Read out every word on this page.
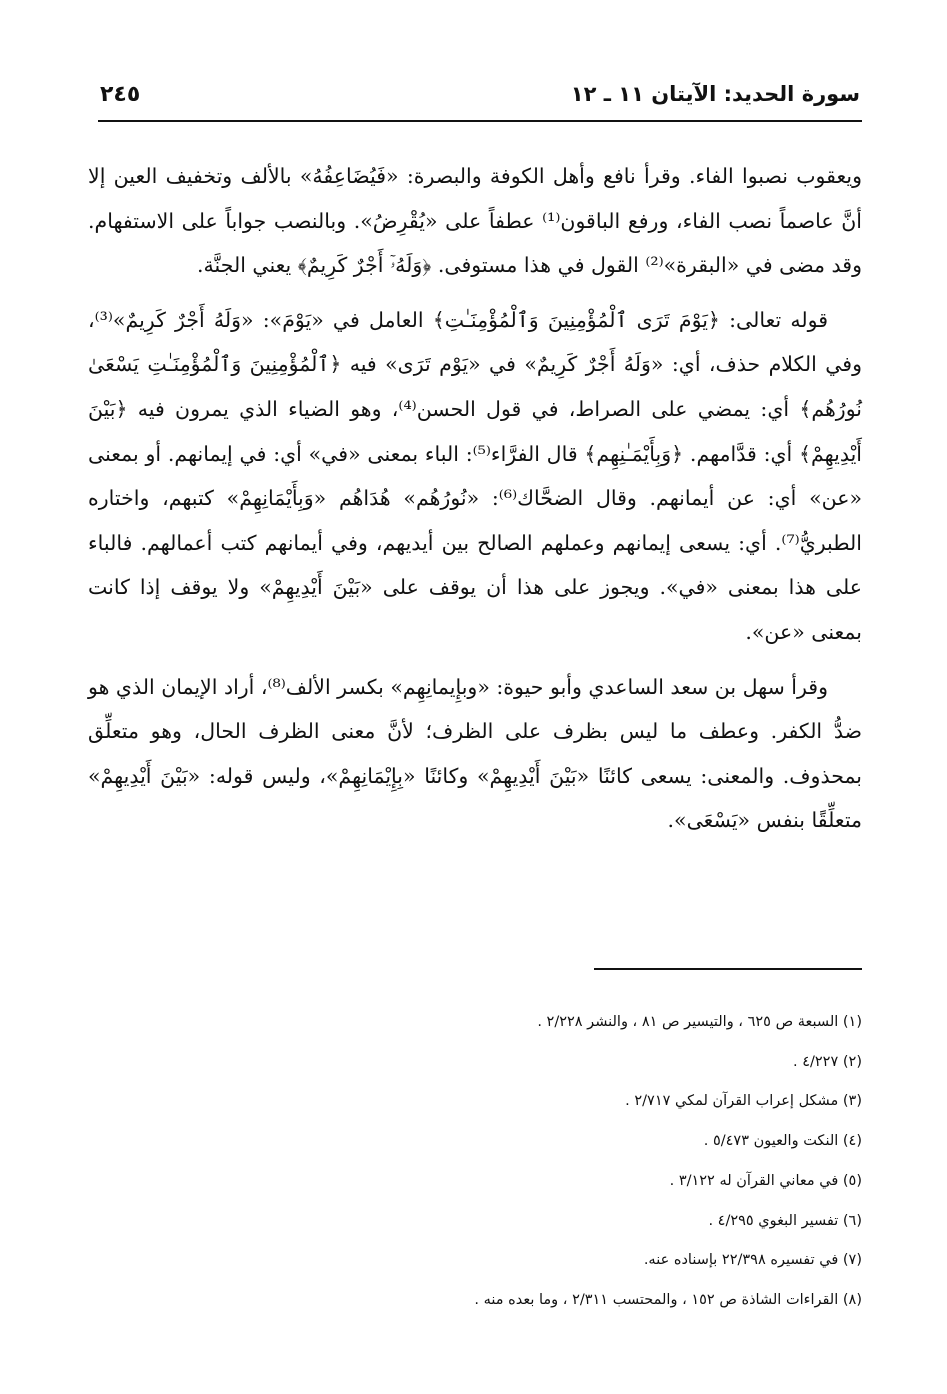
سورة الحديد: الآيتان ١١ ـ ١٢
٢٤٥

ويعقوب نصبوا الفاء. وقرأ نافع وأهل الكوفة والبصرة: «فَيُضَاعِفُهُ» بالألف وتخفيف العين إلا أنَّ عاصماً نصب الفاء، ورفع الباقون⁽¹⁾ عطفاً على «يُقْرِضُ». وبالنصب جواباً على الاستفهام. وقد مضى في «البقرة»⁽²⁾ القول في هذا مستوفى. ﴿وَلَهُۥٓ أَجْرٌ كَرِيمٌ﴾ يعني الجنَّة.

قوله تعالى: ﴿يَوْمَ تَرَى ٱلْمُؤْمِنِينَ وَٱلْمُؤْمِنَـٰتِ﴾ العامل في «يَوْمَ»: «وَلَهُ أَجْرٌ كَرِيمٌ»⁽³⁾، وفي الكلام حذف، أي: «وَلَهُ أَجْرٌ كَرِيمٌ» في «يَوْم تَرَى» فيه ﴿ٱلْمُؤْمِنِينَ وَٱلْمُؤْمِنَـٰتِ يَسْعَىٰ نُورُهُم﴾ أي: يمضي على الصراط، في قول الحسن⁽⁴⁾، وهو الضياء الذي يمرون فيه ﴿بَيْنَ أَيْدِيهِمْ﴾ أي: قدَّامهم. ﴿وَبِأَيْمَـٰنِهِم﴾ قال الفرَّاء⁽⁵⁾: الباء بمعنى «في» أي: في إيمانهم. أو بمعنى «عن» أي: عن أيمانهم. وقال الضحَّاك⁽⁶⁾: «نُورُهُم» هُدَاهُم «وَبِأَيْمَانِهِمْ» كتبهم، واختاره الطبريُّ⁽⁷⁾. أي: يسعى إيمانهم وعملهم الصالح بين أيديهم، وفي أيمانهم كتب أعمالهم. فالباء على هذا بمعنى «في». ويجوز على هذا أن يوقف على «بَيْنَ أَيْدِيهِمْ» ولا يوقف إذا كانت بمعنى «عن».

وقرأ سهل بن سعد الساعدي وأبو حيوة: «وبإِيمانِهِم» بكسر الألف⁽⁸⁾، أراد الإيمان الذي هو ضدُّ الكفر. وعطف ما ليس بظرف على الظرف؛ لأنَّ معنى الظرف الحال، وهو متعلِّق بمحذوف. والمعنى: يسعى كائنًا «بَيْنَ أَيْدِيهِمْ» وكائنًا «بِإِيْمَانِهِمْ»، وليس قوله: «بَيْنَ أَيْدِيهِمْ» متعلِّقًا بنفس «يَسْعَى».

(١) السبعة ص ٦٢٥ ، والتيسير ص ٨١ ، والنشر ٢/٢٢٨ .
(٢) ٤/٢٢٧ .
(٣) مشكل إعراب القرآن لمكي ٢/٧١٧ .
(٤) النكت والعيون ٥/٤٧٣ .
(٥) في معاني القرآن له ٣/١٢٢ .
(٦) تفسير البغوي ٤/٢٩٥ .
(٧) في تفسيره ٢٢/٣٩٨ بإسناده عنه.
(٨) القراءات الشاذة ص ١٥٢ ، والمحتسب ٢/٣١١ ، وما بعده منه .
